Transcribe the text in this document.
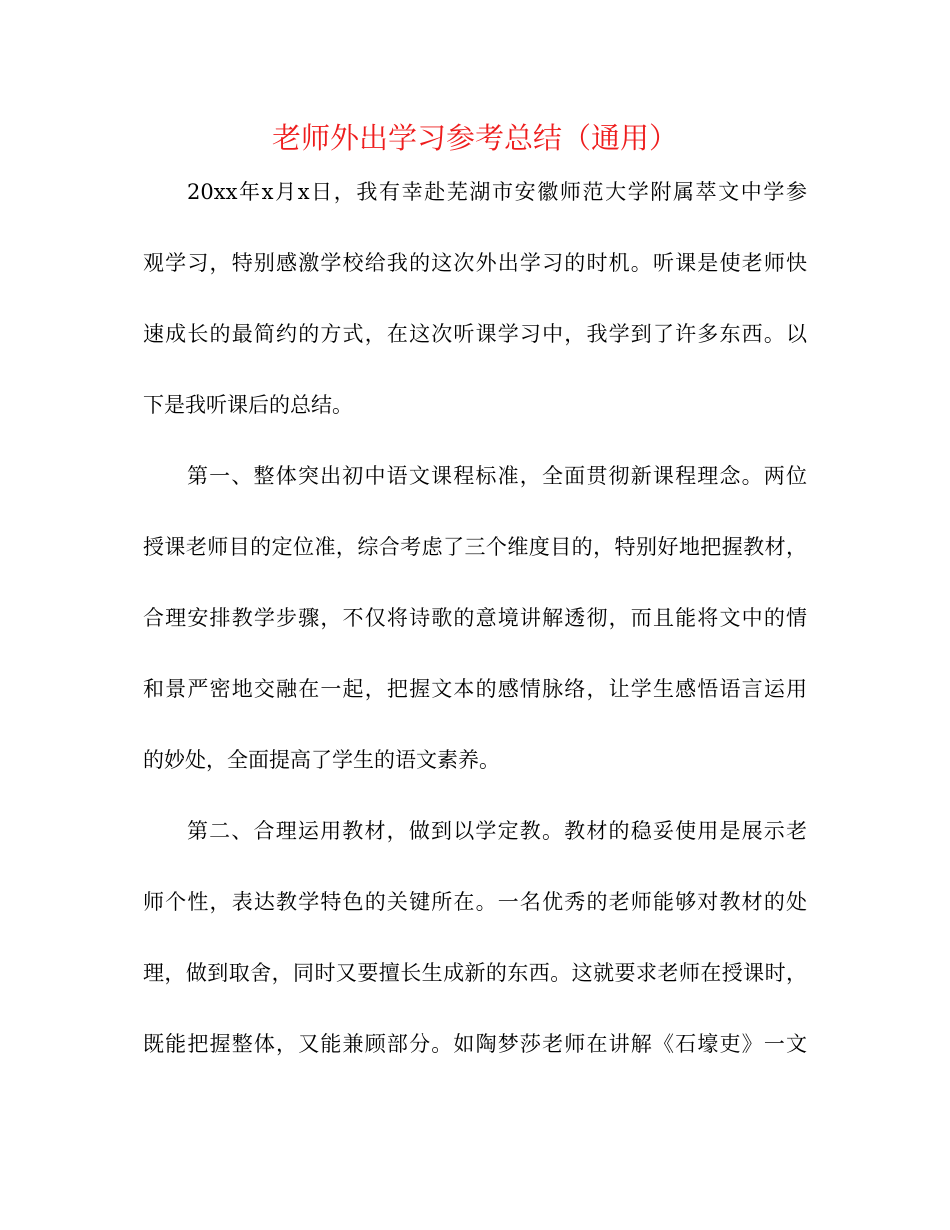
老师外出学习参考总结（通用）

20xx年x月x日，我有幸赴芜湖市安徽师范大学附属萃文中学参
观学习，特别感激学校给我的这次外出学习的时机。听课是使老师快
速成长的最简约的方式，在这次听课学习中，我学到了许多东西。以
下是我听课后的总结。

第一、整体突出初中语文课程标准，全面贯彻新课程理念。两位
授课老师目的定位准，综合考虑了三个维度目的，特别好地把握教材，
合理安排教学步骤，不仅将诗歌的意境讲解透彻，而且能将文中的情
和景严密地交融在一起，把握文本的感情脉络，让学生感悟语言运用
的妙处，全面提高了学生的语文素养。

第二、合理运用教材，做到以学定教。教材的稳妥使用是展示老
师个性，表达教学特色的关键所在。一名优秀的老师能够对教材的处
理，做到取舍，同时又要擅长生成新的东西。这就要求老师在授课时，
既能把握整体，又能兼顾部分。如陶梦莎老师在讲解《石壕吏》一文
